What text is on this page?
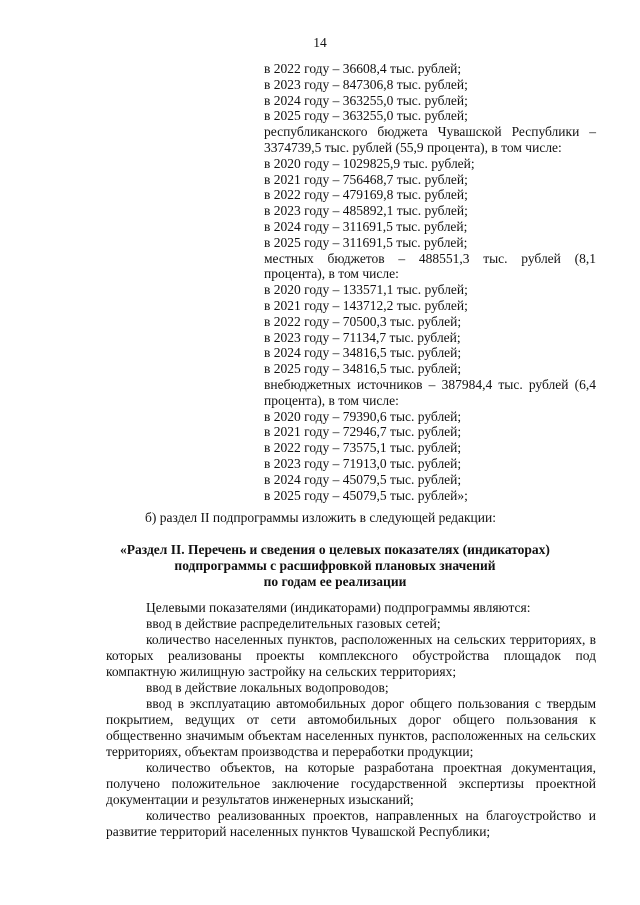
14
в 2022 году – 36608,4 тыс. рублей;
в 2023 году – 847306,8 тыс. рублей;
в 2024 году – 363255,0 тыс. рублей;
в 2025 году – 363255,0 тыс. рублей;
республиканского бюджета Чувашской Республики – 3374739,5 тыс. рублей (55,9 процента), в том числе:
в 2020 году – 1029825,9 тыс. рублей;
в 2021 году – 756468,7 тыс. рублей;
в 2022 году – 479169,8 тыс. рублей;
в 2023 году – 485892,1 тыс. рублей;
в 2024 году – 311691,5 тыс. рублей;
в 2025 году – 311691,5 тыс. рублей;
местных бюджетов – 488551,3 тыс. рублей (8,1 процента), в том числе:
в 2020 году – 133571,1 тыс. рублей;
в 2021 году – 143712,2 тыс. рублей;
в 2022 году – 70500,3 тыс. рублей;
в 2023 году – 71134,7 тыс. рублей;
в 2024 году – 34816,5 тыс. рублей;
в 2025 году – 34816,5 тыс. рублей;
внебюджетных источников – 387984,4 тыс. рублей (6,4 процента), в том числе:
в 2020 году – 79390,6 тыс. рублей;
в 2021 году – 72946,7 тыс. рублей;
в 2022 году – 73575,1 тыс. рублей;
в 2023 году – 71913,0 тыс. рублей;
в 2024 году – 45079,5 тыс. рублей;
в 2025 году – 45079,5 тыс. рублей»;
б) раздел II подпрограммы изложить в следующей редакции:
«Раздел II. Перечень и сведения о целевых показателях (индикаторах)
подпрограммы с расшифровкой плановых значений
по годам ее реализации

Целевыми показателями (индикаторами) подпрограммы являются:

ввод в действие распределительных газовых сетей;

количество населенных пунктов, расположенных на сельских территориях, в которых реализованы проекты комплексного обустройства площадок под компактную жилищную застройку на сельских территориях;

ввод в действие локальных водопроводов;

ввод в эксплуатацию автомобильных дорог общего пользования с твердым покрытием, ведущих от сети автомобильных дорог общего пользования к общественно значимым объектам населенных пунктов, расположенных на сельских территориях, объектам производства и переработки продукции;

количество объектов, на которые разработана проектная документация, получено положительное заключение государственной экспертизы проектной документации и результатов инженерных изысканий;

количество реализованных проектов, направленных на благоустройство и развитие территорий населенных пунктов Чувашской Республики;
